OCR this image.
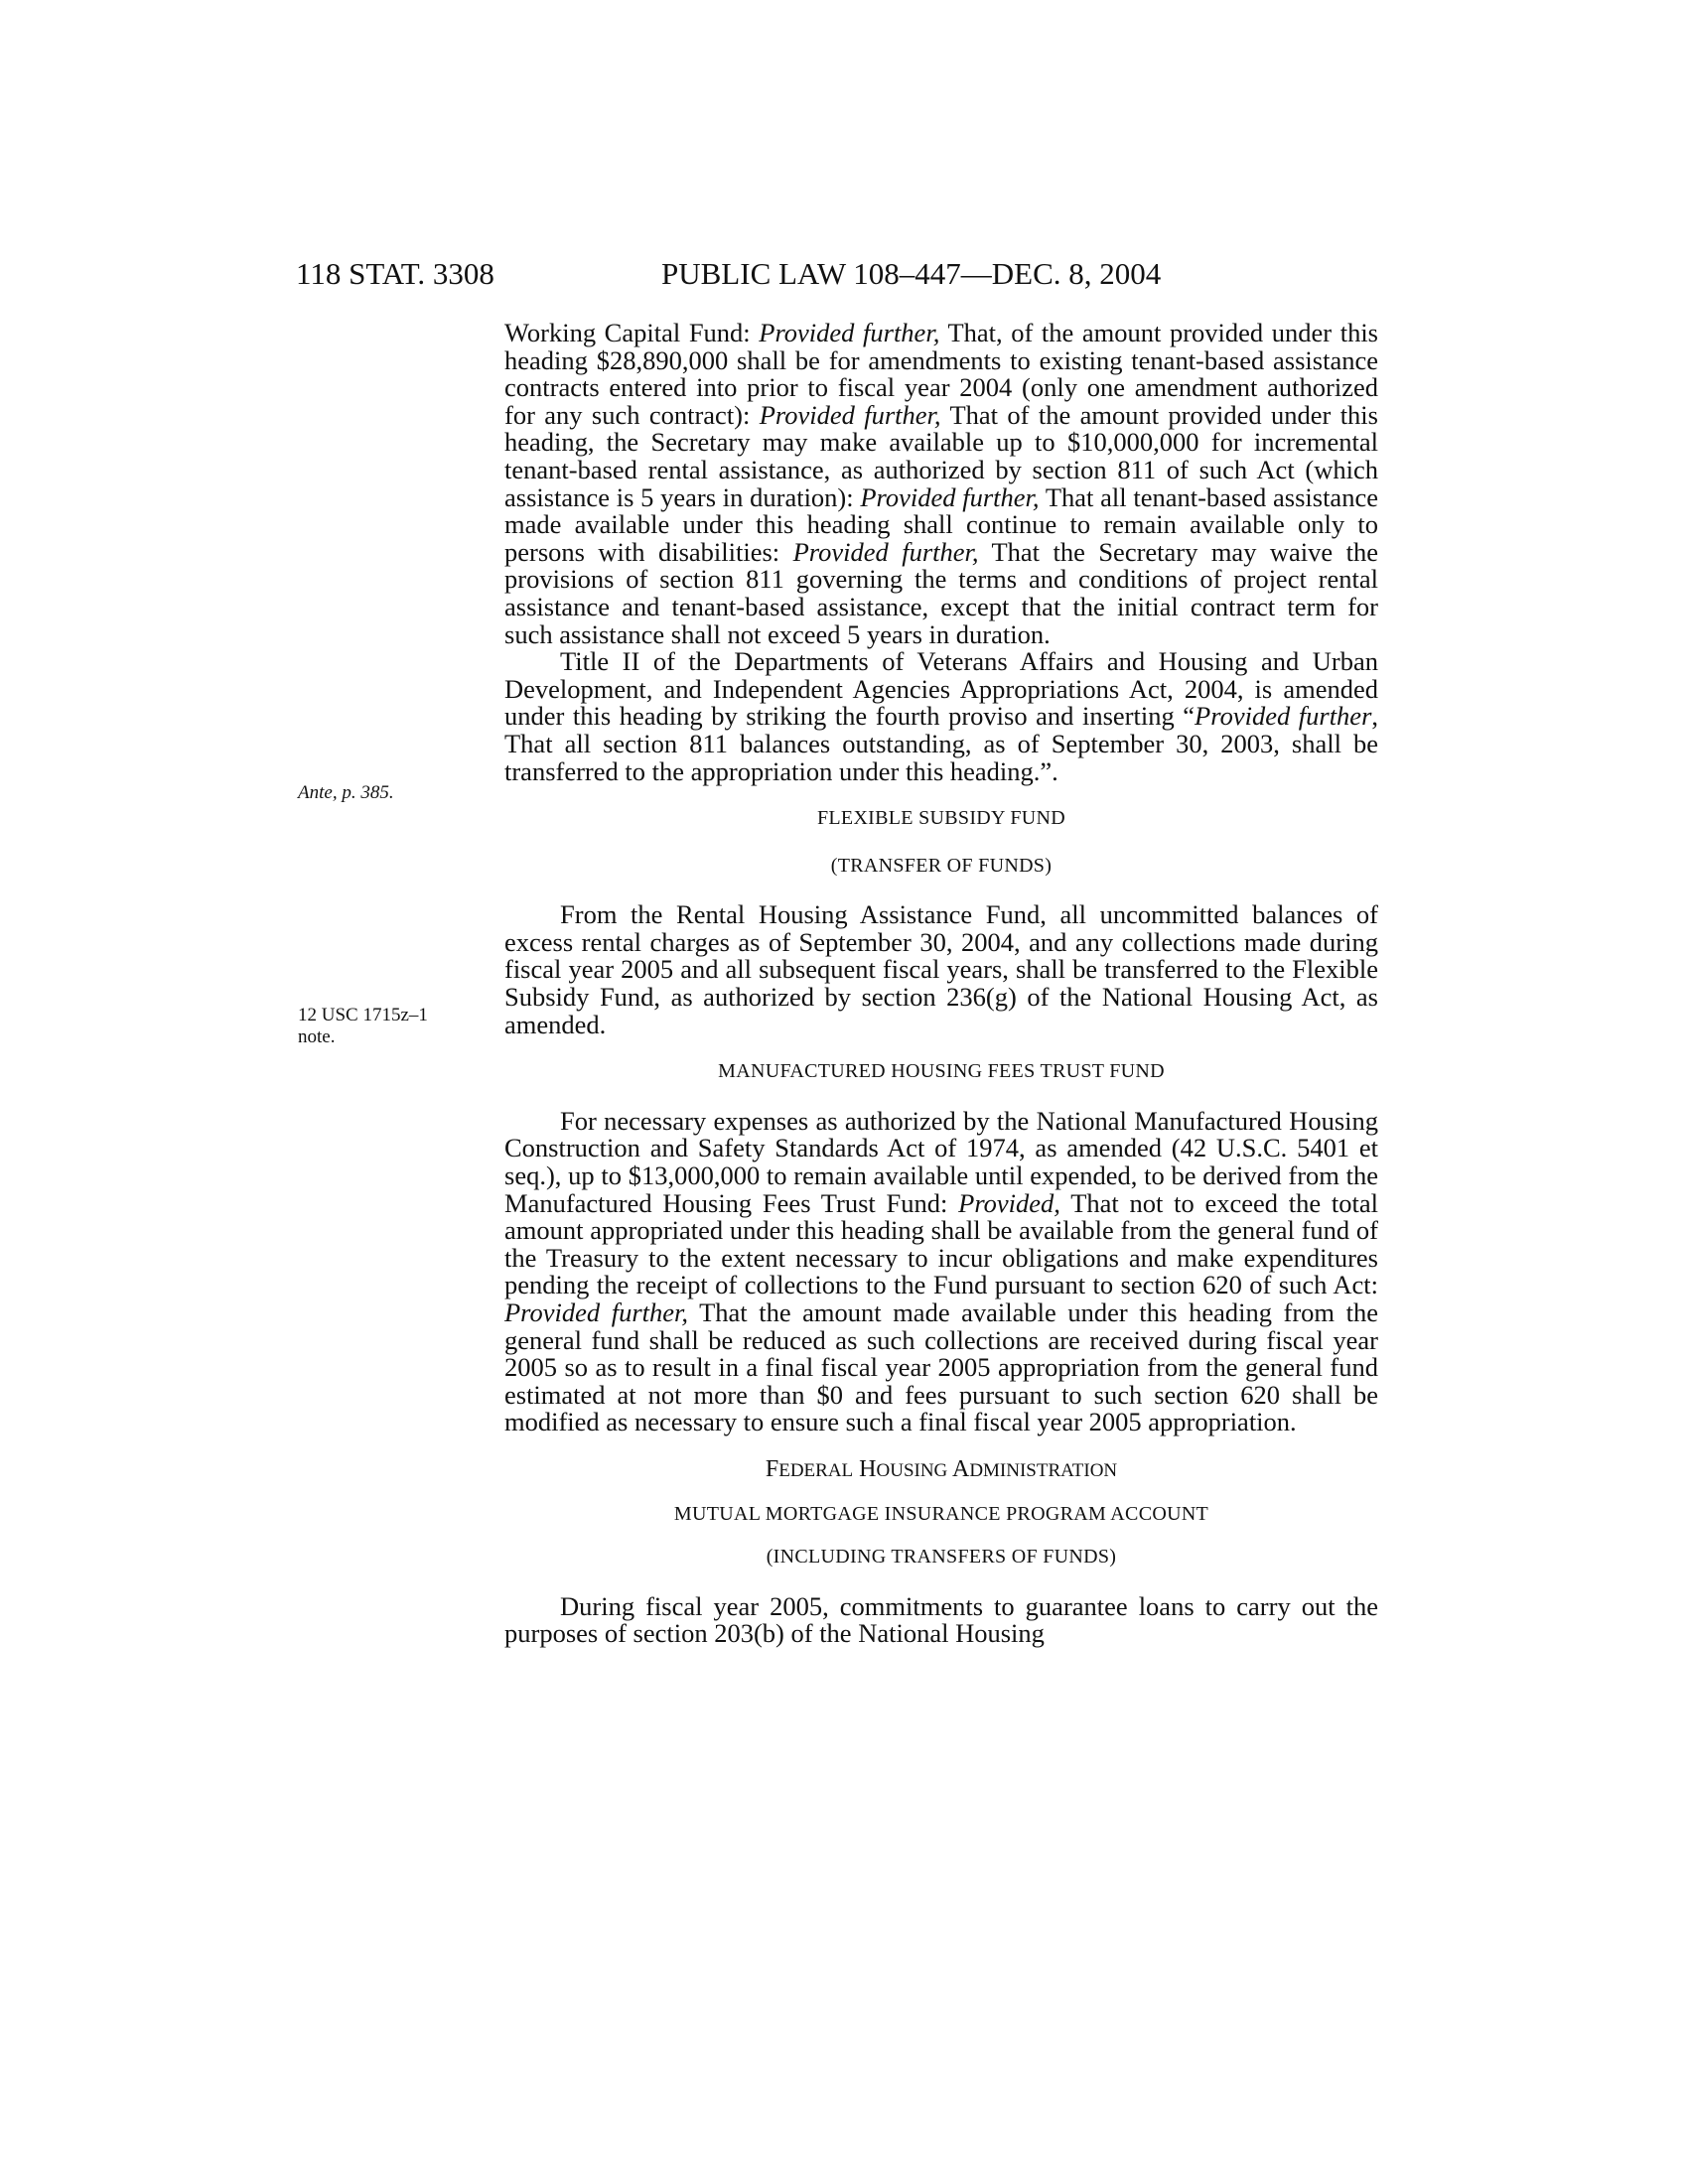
118 STAT. 3308	PUBLIC LAW 108–447—DEC. 8, 2004
Ante, p. 385.
12 USC 1715z–1
note.

Working Capital Fund: Provided further, That, of the amount provided under this heading $28,890,000 shall be for amendments to existing tenant-based assistance contracts entered into prior to fiscal year 2004 (only one amendment authorized for any such contract): Provided further, That of the amount provided under this heading, the Secretary may make available up to $10,000,000 for incremental tenant-based rental assistance, as authorized by section 811 of such Act (which assistance is 5 years in duration): Provided further, That all tenant-based assistance made available under this heading shall continue to remain available only to persons with disabilities: Provided further, That the Secretary may waive the provisions of section 811 governing the terms and conditions of project rental assistance and tenant-based assistance, except that the initial contract term for such assistance shall not exceed 5 years in duration.

Title II of the Departments of Veterans Affairs and Housing and Urban Development, and Independent Agencies Appropriations Act, 2004, is amended under this heading by striking the fourth proviso and inserting “Provided further, That all section 811 balances outstanding, as of September 30, 2003, shall be transferred to the appropriation under this heading.”.

FLEXIBLE SUBSIDY FUND

(TRANSFER OF FUNDS)

From the Rental Housing Assistance Fund, all uncommitted balances of excess rental charges as of September 30, 2004, and any collections made during fiscal year 2005 and all subsequent fiscal years, shall be transferred to the Flexible Subsidy Fund, as authorized by section 236(g) of the National Housing Act, as amended.

MANUFACTURED HOUSING FEES TRUST FUND

For necessary expenses as authorized by the National Manufactured Housing Construction and Safety Standards Act of 1974, as amended (42 U.S.C. 5401 et seq.), up to $13,000,000 to remain available until expended, to be derived from the Manufactured Housing Fees Trust Fund: Provided, That not to exceed the total amount appropriated under this heading shall be available from the general fund of the Treasury to the extent necessary to incur obligations and make expenditures pending the receipt of collections to the Fund pursuant to section 620 of such Act: Provided further, That the amount made available under this heading from the general fund shall be reduced as such collections are received during fiscal year 2005 so as to result in a final fiscal year 2005 appropriation from the general fund estimated at not more than $0 and fees pursuant to such section 620 shall be modified as necessary to ensure such a final fiscal year 2005 appropriation.

FEDERAL HOUSING ADMINISTRATION

MUTUAL MORTGAGE INSURANCE PROGRAM ACCOUNT

(INCLUDING TRANSFERS OF FUNDS)

During fiscal year 2005, commitments to guarantee loans to carry out the purposes of section 203(b) of the National Housing
